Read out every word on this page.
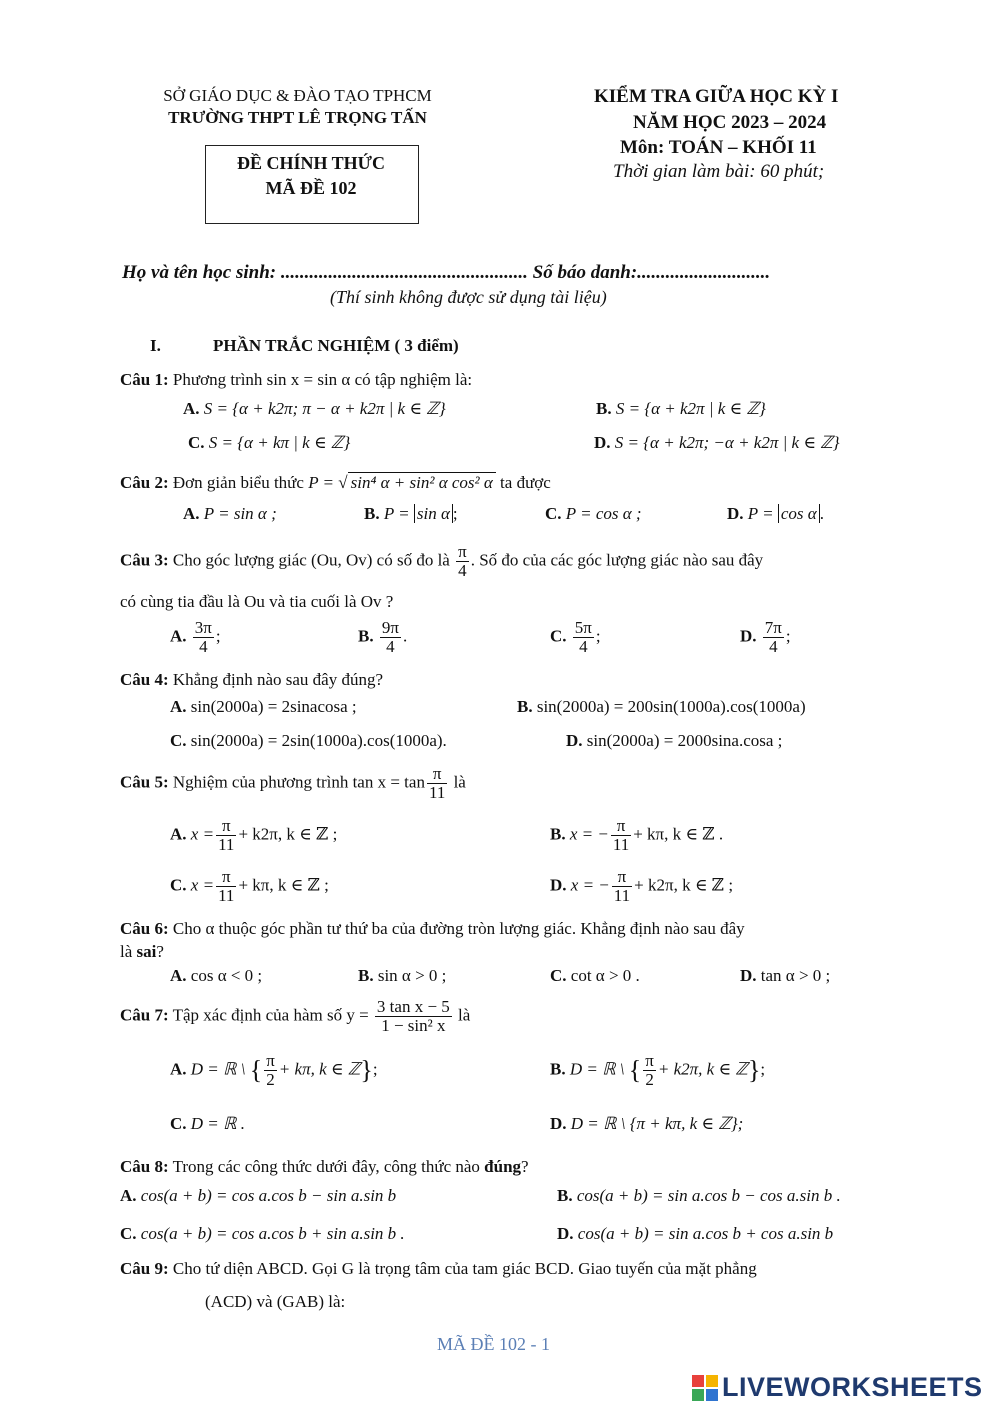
SỞ GIÁO DỤC & ĐÀO TẠO TPHCM
TRƯỜNG THPT LÊ TRỌNG TẤN
ĐỀ CHÍNH THỨC
MÃ ĐỀ 102
KIỂM TRA GIỮA HỌC KỲ I
NĂM HỌC 2023 – 2024
Môn: TOÁN – KHỐI 11
Thời gian làm bài: 60 phút;
Họ và tên học sinh: .................................................... Số báo danh:............................
(Thí sinh không được sử dụng tài liệu)
I.	PHẦN TRẮC NGHIỆM ( 3 điểm)
Câu 1: Phương trình sin x = sin α có tập nghiệm là:
A. S = {α + k2π; π − α + k2π | k ∈ ℤ}	B. S = {α + k2π | k ∈ ℤ}
C. S = {α + kπ | k ∈ ℤ}	D. S = {α + k2π; −α + k2π | k ∈ ℤ}
Câu 2: Đơn giản biểu thức P = √ sin⁴ α + sin² α cos² α ta được
A. P = sin α ;	B. P = sin α ;	C. P = cos α ;	D. P = cos α .
Câu 3: Cho góc lượng giác (Ou, Ov) có số đo là $\frac{\pi}{4}$ . Số đo của các góc lượng giác nào sau đây
có cùng tia đầu là Ou và tia cuối là Ov ?
A. $\frac{3\pi}{4}$ ;	B. $\frac{9\pi}{4}$ .	C. $\frac{5\pi}{4}$ ;	D. $\frac{7\pi}{4}$ ;
Câu 4: Khẳng định nào sau đây đúng?
A. sin(2000a) = 2sinacosa ;	B. sin(2000a) = 200sin(1000a).cos(1000a)
C. sin(2000a) = 2sin(1000a).cos(1000a).	D. sin(2000a) = 2000sina.cosa ;
Câu 5: Nghiệm của phương trình $\tan x = \tan \frac{\pi}{11}$ là
A. $x = \frac{\pi}{11} + k2\pi$, k ∈ ℤ ;	B. x = − $\frac{\pi}{11} + k\pi$, k ∈ ℤ .
C. $x = \frac{\pi}{11} + k\pi$, k ∈ ℤ ;	D. x = − $\frac{\pi}{11} + k2\pi$, k ∈ ℤ ;
Câu 6: Cho α thuộc góc phần tư thứ ba của đường tròn lượng giác. Khẳng định nào sau đây
là sai?
A. cos α < 0 ;	B. sin α > 0 ;	C. cot α > 0 .	D. tan α > 0 ;
Câu 7: Tập xác định của hàm số $y = \frac{\text{3 tan x − 5}}{\text{1 − sin² x}}$ là
A. D = ℝ \ { $\frac{\pi}{2} + k\pi$, k ∈ ℤ};	B. D = ℝ \ { $\frac{\pi}{2} + k2\pi$, k ∈ ℤ};
C. D = ℝ .	D. D = ℝ \ {π + kπ, k ∈ ℤ};
Câu 8: Trong các công thức dưới đây, công thức nào đúng?
A. cos(a + b) = cos a.cos b − sin a.sin b	B. cos(a + b) = sin a.cos b − cos a.sin b .
C. cos(a + b) = cos a.cos b + sin a.sin b .	D. cos(a + b) = sin a.cos b + cos a.sin b
Câu 9: Cho tứ diện ABCD. Gọi G là trọng tâm của tam giác BCD. Giao tuyến của mặt phẳng
(ACD) và (GAB) là:
MÃ ĐỀ 102 - 1
LIVEWORKSHEETS
